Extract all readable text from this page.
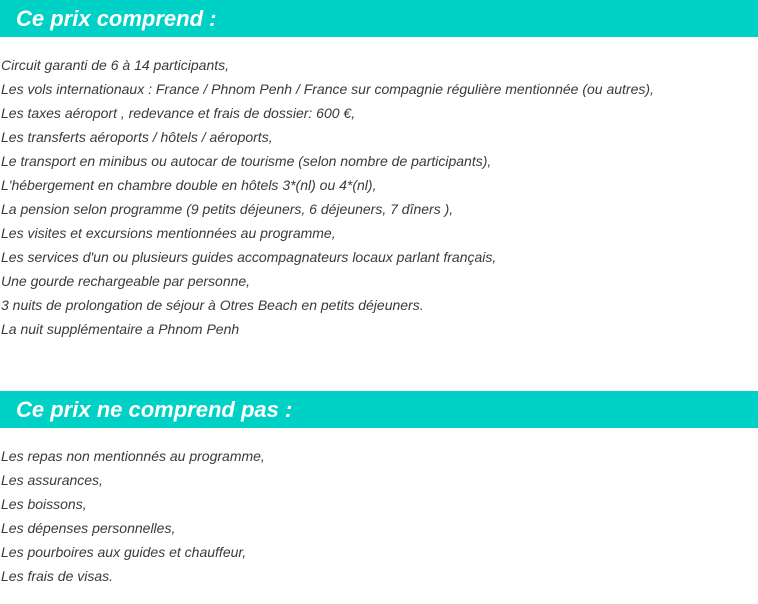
Ce prix comprend :
Circuit garanti de 6 à 14 participants,
Les vols internationaux : France / Phnom Penh / France sur compagnie régulière mentionnée (ou autres),
Les taxes aéroport , redevance et frais de dossier: 600 €,
Les transferts aéroports / hôtels / aéroports,
Le transport en minibus ou autocar de tourisme (selon nombre de participants),
L'hébergement en chambre double en hôtels 3*(nl) ou 4*(nl),
La pension selon programme (9 petits déjeuners, 6 déjeuners, 7 dîners ),
Les visites et excursions mentionnées au programme,
Les services d'un ou plusieurs guides accompagnateurs locaux parlant français,
Une gourde rechargeable par personne,
3 nuits de prolongation de séjour à Otres Beach en petits déjeuners.
La nuit supplémentaire a Phnom Penh
Ce prix ne comprend pas :
Les repas non mentionnés au programme,
Les assurances,
Les boissons,
Les dépenses personnelles,
Les pourboires aux guides et chauffeur,
Les frais de visas.
